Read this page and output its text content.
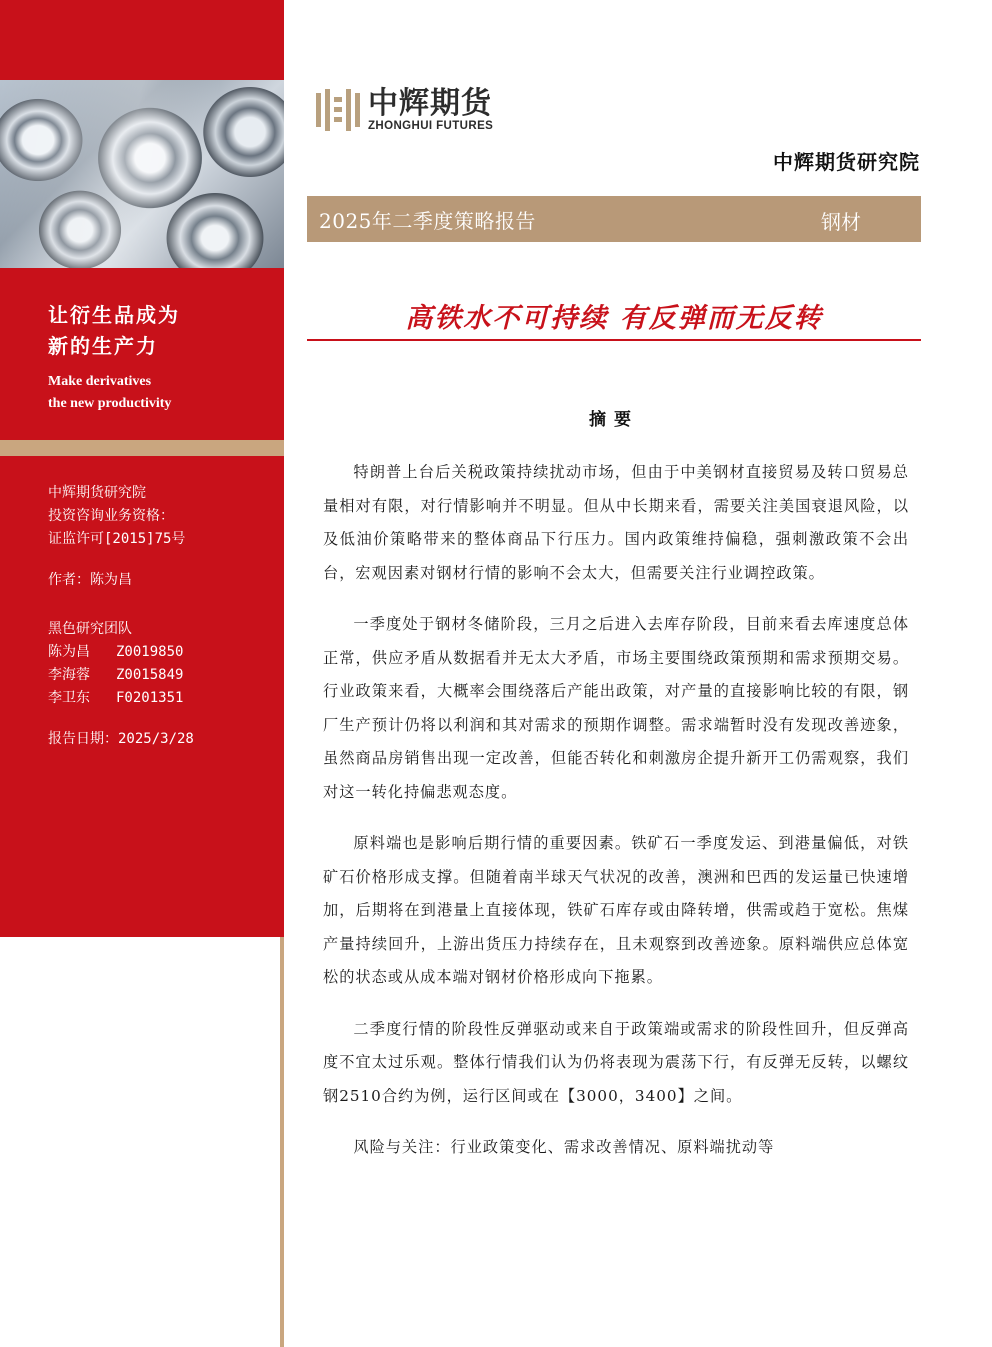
让衍生品成为
新的生产力
Make derivatives
the new productivity
中辉期货研究院
投资咨询业务资格：
证监许可[2015]75号
作者：陈为昌
黑色研究团队
陈为昌	Z0019850
李海蓉	Z0015849
李卫东	F0201351
报告日期：2025/3/28
中辉期货
ZHONGHUI FUTURES
中辉期货研究院
2025年二季度策略报告	钢材
高铁水不可持续 有反弹而无反转
摘要

特朗普上台后关税政策持续扰动市场，但由于中美钢材直接贸易及转口贸易总量相对有限，对行情影响并不明显。但从中长期来看，需要关注美国衰退风险，以及低油价策略带来的整体商品下行压力。国内政策维持偏稳，强刺激政策不会出台，宏观因素对钢材行情的影响不会太大，但需要关注行业调控政策。

一季度处于钢材冬储阶段，三月之后进入去库存阶段，目前来看去库速度总体正常，供应矛盾从数据看并无太大矛盾，市场主要围绕政策预期和需求预期交易。行业政策来看，大概率会围绕落后产能出政策，对产量的直接影响比较的有限，钢厂生产预计仍将以利润和其对需求的预期作调整。需求端暂时没有发现改善迹象，虽然商品房销售出现一定改善，但能否转化和刺激房企提升新开工仍需观察，我们对这一转化持偏悲观态度。

原料端也是影响后期行情的重要因素。铁矿石一季度发运、到港量偏低，对铁矿石价格形成支撑。但随着南半球天气状况的改善，澳洲和巴西的发运量已快速增加，后期将在到港量上直接体现，铁矿石库存或由降转增，供需或趋于宽松。焦煤产量持续回升，上游出货压力持续存在，且未观察到改善迹象。原料端供应总体宽松的状态或从成本端对钢材价格形成向下拖累。

二季度行情的阶段性反弹驱动或来自于政策端或需求的阶段性回升，但反弹高度不宜太过乐观。整体行情我们认为仍将表现为震荡下行，有反弹无反转，以螺纹钢2510合约为例，运行区间或在【3000，3400】之间。

风险与关注：行业政策变化、需求改善情况、原料端扰动等
